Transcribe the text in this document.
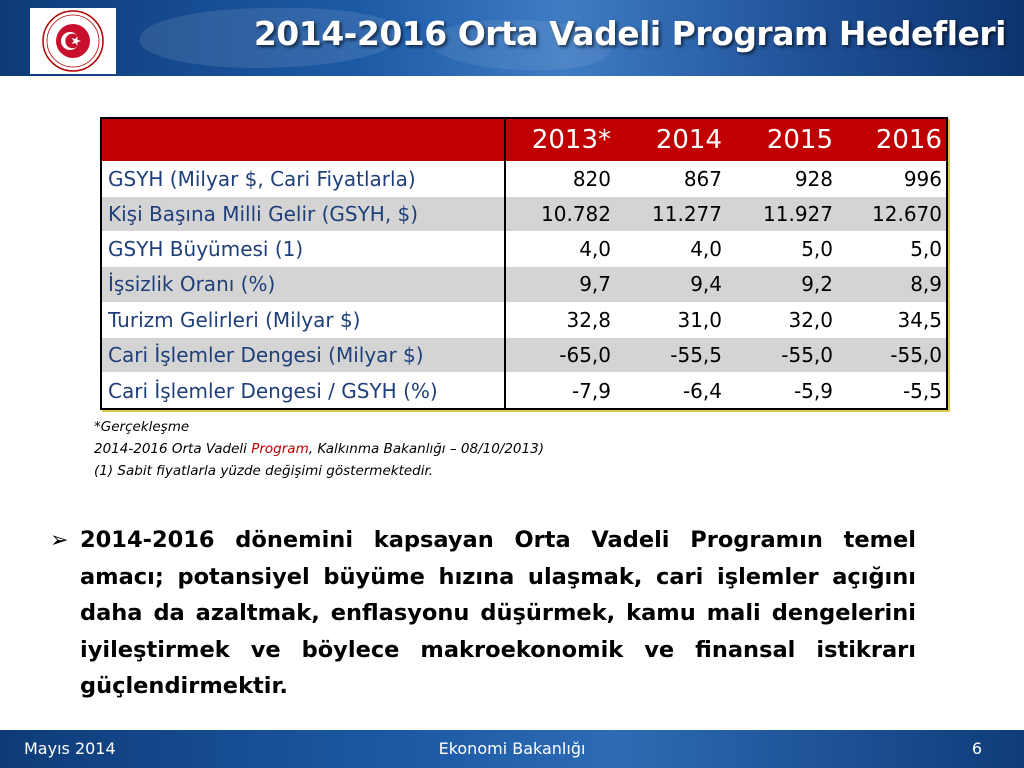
2014-2016 Orta Vadeli Program Hedefleri
	2013*	2014	2015	2016
GSYH (Milyar $, Cari Fiyatlarla)	820	867	928	996
Kişi Başına Milli Gelir (GSYH, $)	10.782	11.277	11.927	12.670
GSYH Büyümesi (1)	4,0	4,0	5,0	5,0
İşsizlik Oranı (%)	9,7	9,4	9,2	8,9
Turizm Gelirleri (Milyar $)	32,8	31,0	32,0	34,5
Cari İşlemler Dengesi (Milyar $)	-65,0	-55,5	-55,0	-55,0
Cari İşlemler Dengesi / GSYH (%)	-7,9	-6,4	-5,9	-5,5
*Gerçekleşme
2014-2016 Orta Vadeli Program, Kalkınma Bakanlığı – 08/10/2013)
(1) Sabit fiyatlarla yüzde değişimi göstermektedir.
➢ 2014-2016 dönemini kapsayan Orta Vadeli Programın temel amacı; potansiyel büyüme hızına ulaşmak, cari işlemler açığını daha da azaltmak, enflasyonu düşürmek, kamu mali dengelerini iyileştirmek ve böylece makroekonomik ve finansal istikrarı güçlendirmektir.
Mayıs 2014	Ekonomi Bakanlığı	6
